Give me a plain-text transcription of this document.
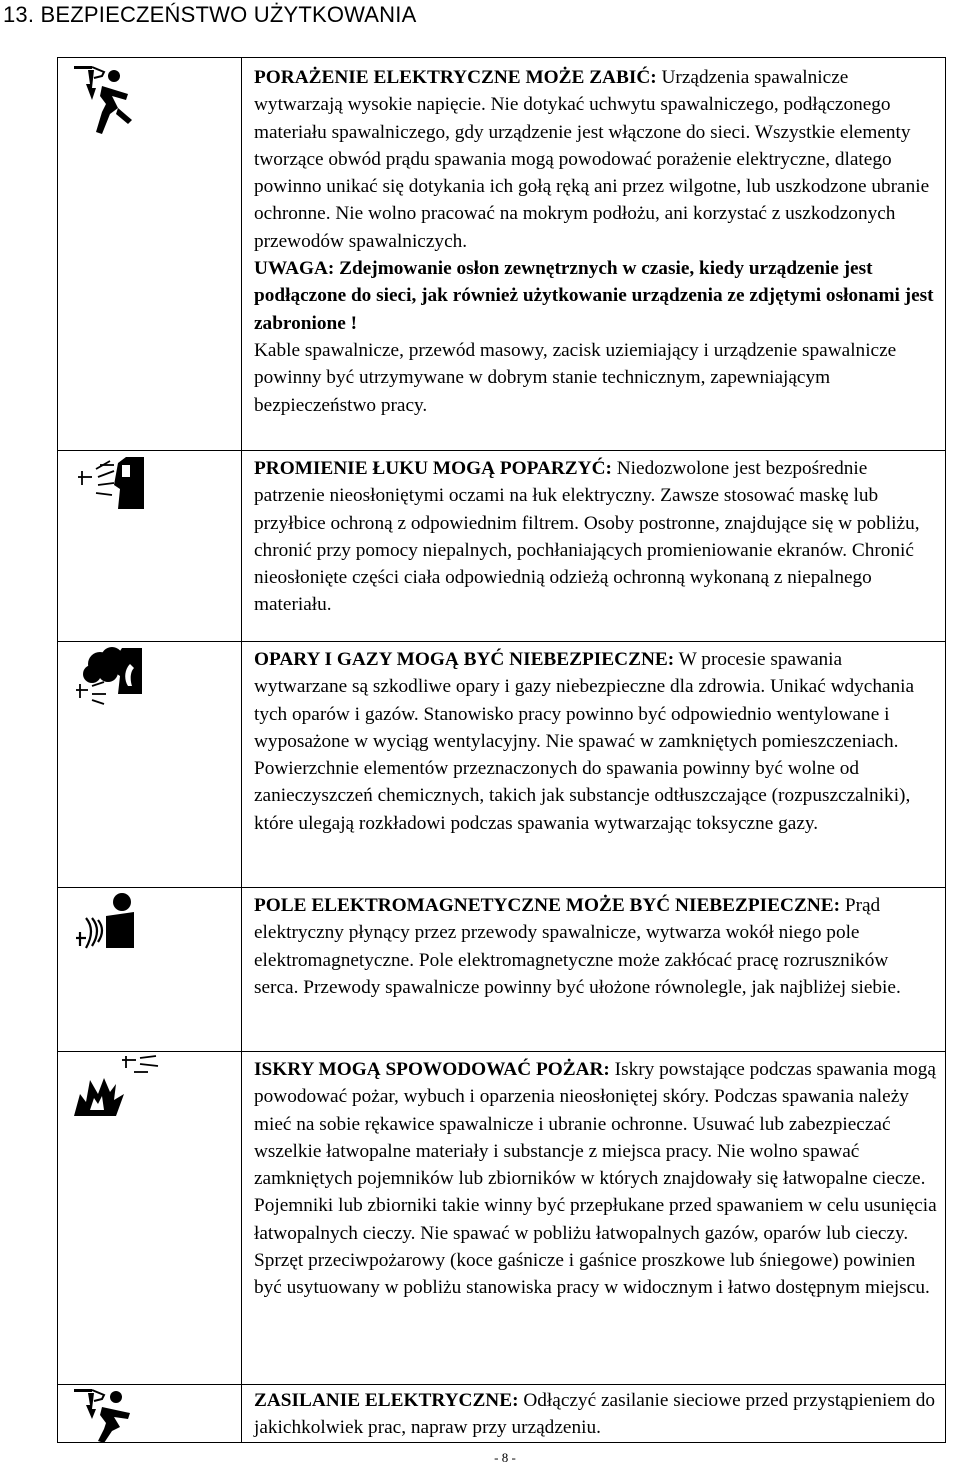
13. BEZPIECZEŃSTWO UŻYTKOWANIA
PORAŻENIE ELEKTRYCZNE MOŻE ZABIĆ: Urządzenia spawalnicze wytwarzają wysokie napięcie. Nie dotykać uchwytu spawalniczego, podłączonego materiału spawalniczego, gdy urządzenie jest włączone do sieci. Wszystkie elementy tworzące obwód prądu spawania mogą powodować porażenie elektryczne, dlatego powinno unikać się dotykania ich gołą ręką ani przez wilgotne, lub uszkodzone ubranie ochronne. Nie wolno pracować na mokrym podłożu, ani korzystać z uszkodzonych przewodów spawalniczych.
UWAGA: Zdejmowanie osłon zewnętrznych w czasie, kiedy urządzenie jest podłączone do sieci, jak również użytkowanie urządzenia ze zdjętymi osłonami jest zabronione !
Kable spawalnicze, przewód masowy, zacisk uziemiający i urządzenie spawalnicze powinny być utrzymywane w dobrym stanie technicznym, zapewniającym bezpieczeństwo pracy.
PROMIENIE ŁUKU MOGĄ POPARZYĆ: Niedozwolone jest bezpośrednie patrzenie nieosłoniętymi oczami na łuk elektryczny. Zawsze stosować maskę lub przyłbice ochroną z odpowiednim filtrem. Osoby postronne, znajdujące się w pobliżu, chronić przy pomocy niepalnych, pochłaniających promieniowanie ekranów. Chronić nieosłonięte części ciała odpowiednią odzieżą ochronną wykonaną z niepalnego materiału.
OPARY I GAZY MOGĄ BYĆ NIEBEZPIECZNE: W procesie spawania wytwarzane są szkodliwe opary i gazy niebezpieczne dla zdrowia. Unikać wdychania tych oparów i gazów. Stanowisko pracy powinno być odpowiednio wentylowane i wyposażone w wyciąg wentylacyjny. Nie spawać w zamkniętych pomieszczeniach. Powierzchnie elementów przeznaczonych do spawania powinny być wolne od zanieczyszczeń chemicznych, takich jak substancje odtłuszczające (rozpuszczalniki), które ulegają rozkładowi podczas spawania wytwarzając toksyczne gazy.
POLE ELEKTROMAGNETYCZNE MOŻE BYĆ NIEBEZPIECZNE: Prąd elektryczny płynący przez przewody spawalnicze, wytwarza wokół niego pole elektromagnetyczne. Pole elektromagnetyczne może zakłócać pracę rozruszników serca. Przewody spawalnicze powinny być ułożone równolegle, jak najbliżej siebie.
ISKRY MOGĄ SPOWODOWAĆ POŻAR: Iskry powstające podczas spawania mogą powodować pożar, wybuch i oparzenia nieosłoniętej skóry. Podczas spawania należy mieć na sobie rękawice spawalnicze i ubranie ochronne. Usuwać lub zabezpieczać wszelkie łatwopalne materiały i substancje z miejsca pracy. Nie wolno spawać zamkniętych pojemników lub zbiorników w których znajdowały się łatwopalne ciecze. Pojemniki lub zbiorniki takie winny być przepłukane przed spawaniem w celu usunięcia łatwopalnych cieczy. Nie spawać w pobliżu łatwopalnych gazów, oparów lub cieczy. Sprzęt przeciwpożarowy (koce gaśnicze i gaśnice proszkowe lub śniegowe) powinien być usytuowany w pobliżu stanowiska pracy w widocznym i łatwo dostępnym miejscu.
ZASILANIE ELEKTRYCZNE: Odłączyć zasilanie sieciowe przed przystąpieniem do jakichkolwiek prac, napraw przy urządzeniu.
- 8 -
